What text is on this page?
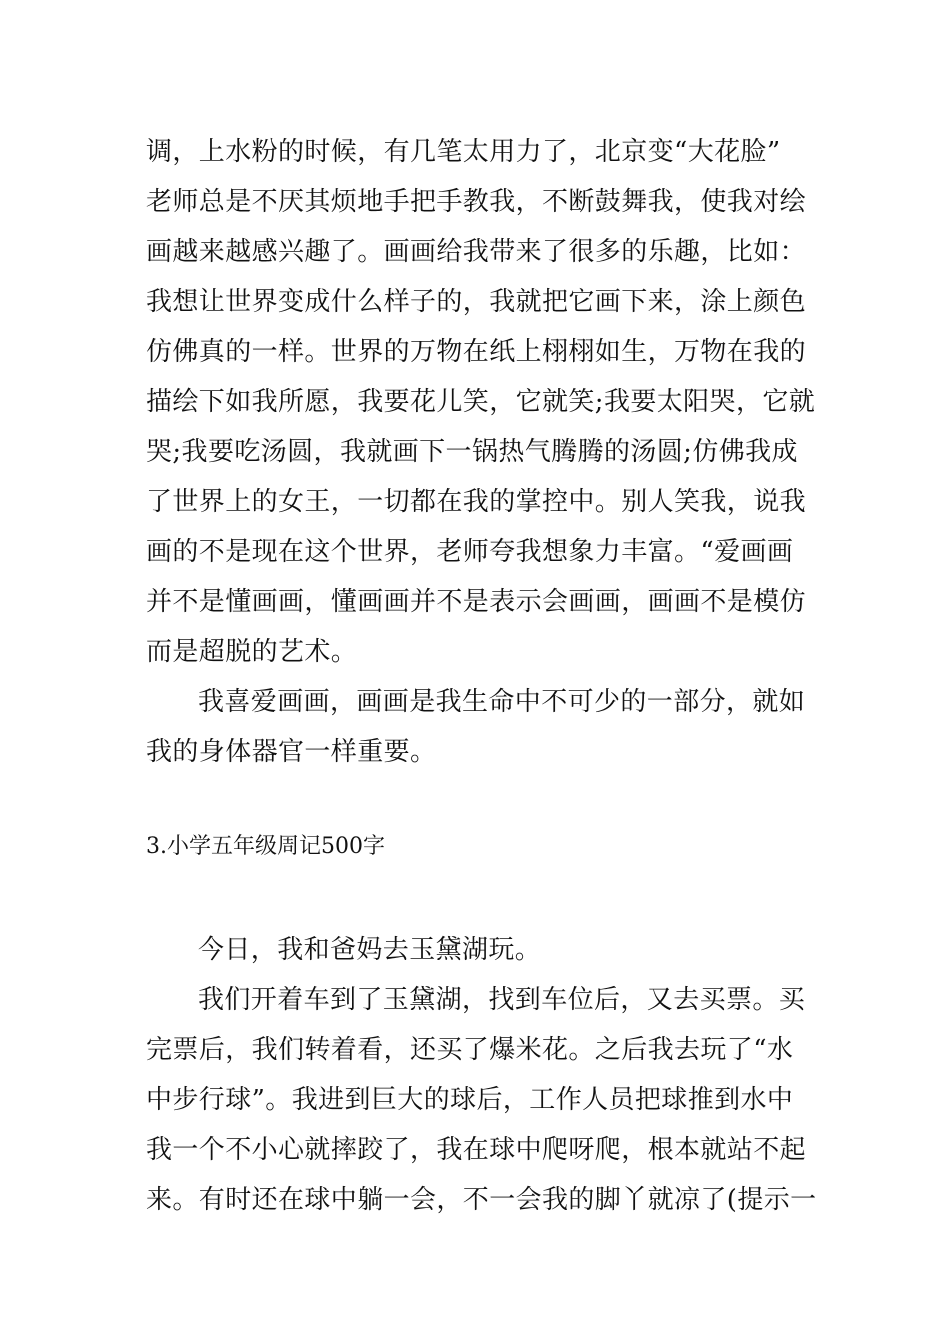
调，上水粉的时候，有几笔太用力了，北京变“大花脸”
老师总是不厌其烦地手把手教我，不断鼓舞我，使我对绘
画越来越感兴趣了。画画给我带来了很多的乐趣，比如：
我想让世界变成什么样子的，我就把它画下来，涂上颜色
仿佛真的一样。世界的万物在纸上栩栩如生，万物在我的
描绘下如我所愿，我要花儿笑，它就笑;我要太阳哭，它就
哭;我要吃汤圆，我就画下一锅热气腾腾的汤圆;仿佛我成
了世界上的女王，一切都在我的掌控中。别人笑我，说我
画的不是现在这个世界，老师夸我想象力丰富。“爱画画
并不是懂画画，懂画画并不是表示会画画，画画不是模仿
而是超脱的艺术。
我喜爱画画，画画是我生命中不可少的一部分，就如
我的身体器官一样重要。
3.小学五年级周记500字
今日，我和爸妈去玉黛湖玩。
我们开着车到了玉黛湖，找到车位后，又去买票。买
完票后，我们转着看，还买了爆米花。之后我去玩了“水
中步行球”。我进到巨大的球后，工作人员把球推到水中
我一个不小心就摔跤了，我在球中爬呀爬，根本就站不起
来。有时还在球中躺一会，不一会我的脚丫就凉了(提示一
